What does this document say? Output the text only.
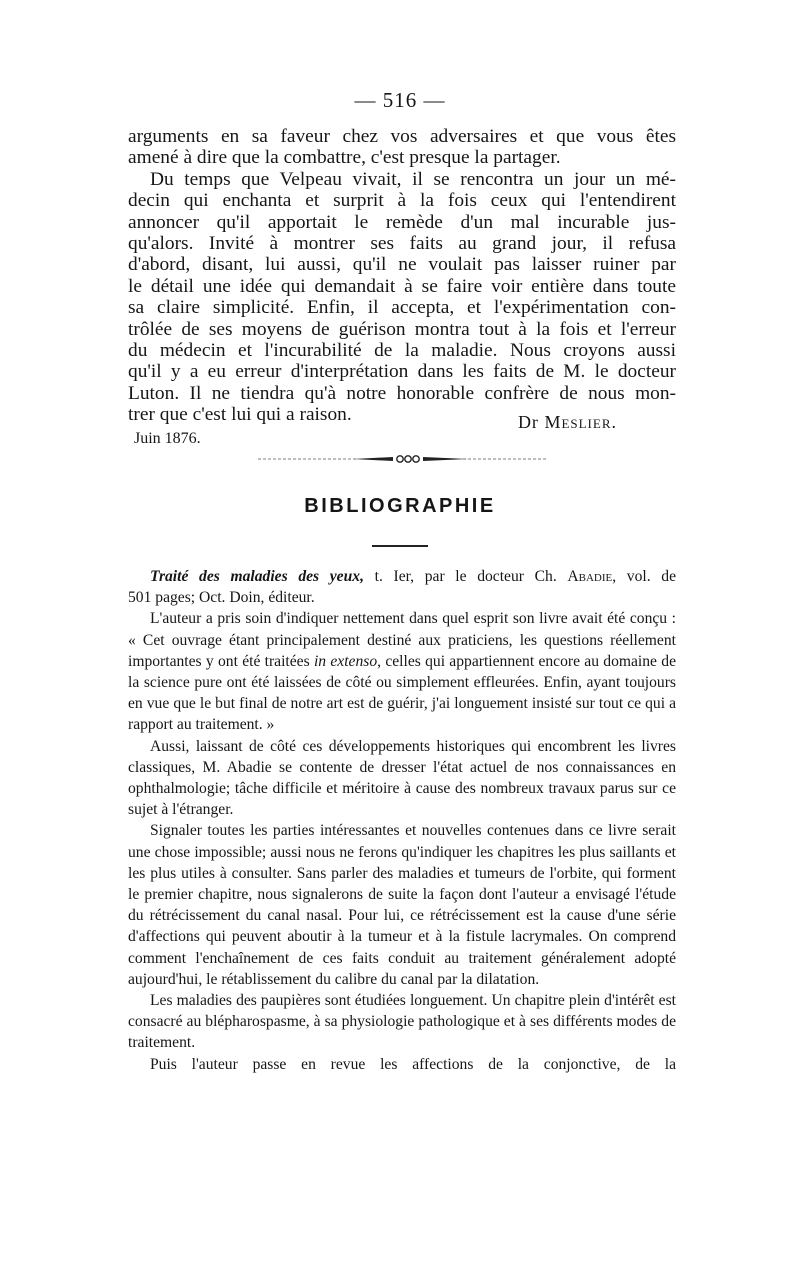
— 516 —

arguments en sa faveur chez vos adversaires et que vous êtes

amené à dire que la combattre, c'est presque la partager.

Du temps que Velpeau vivait, il se rencontra un jour un mé-

decin qui enchanta et surprit à la fois ceux qui l'entendirent

annoncer qu'il apportait le remède d'un mal incurable jus-

qu'alors. Invité à montrer ses faits au grand jour, il refusa

d'abord, disant, lui aussi, qu'il ne voulait pas laisser ruiner par

le détail une idée qui demandait à se faire voir entière dans toute

sa claire simplicité. Enfin, il accepta, et l'expérimentation con-

trôlée de ses moyens de guérison montra tout à la fois et l'erreur

du médecin et l'incurabilité de la maladie. Nous croyons aussi

qu'il y a eu erreur d'interprétation dans les faits de M. le docteur

Luton. Il ne tiendra qu'à notre honorable confrère de nous mon-

trer que c'est lui qui a raison.	Dr Meslier.
Juin 1876.
BIBLIOGRAPHIE

Traité des maladies des yeux, t. Ier, par le docteur Ch. Abadie, vol. de

501 pages; Oct. Doin, éditeur.

L'auteur a pris soin d'indiquer nettement dans quel esprit son livre avait été conçu : « Cet ouvrage étant principalement destiné aux praticiens, les questions réellement importantes y ont été traitées in extenso, celles qui appartiennent encore au domaine de la science pure ont été laissées de côté ou simplement effleurées. Enfin, ayant toujours en vue que le but final de notre art est de guérir, j'ai longuement insisté sur tout ce qui a rapport au traitement. »

Aussi, laissant de côté ces développements historiques qui encombrent les livres classiques, M. Abadie se contente de dresser l'état actuel de nos connaissances en ophthalmologie; tâche difficile et méritoire à cause des nombreux travaux parus sur ce sujet à l'étranger.

Signaler toutes les parties intéressantes et nouvelles contenues dans ce livre serait une chose impossible; aussi nous ne ferons qu'indiquer les chapitres les plus saillants et les plus utiles à consulter. Sans parler des maladies et tumeurs de l'orbite, qui forment le premier chapitre, nous signalerons de suite la façon dont l'auteur a envisagé l'étude du rétrécissement du canal nasal. Pour lui, ce rétrécissement est la cause d'une série d'affections qui peuvent aboutir à la tumeur et à la fistule lacrymales. On comprend comment l'enchaînement de ces faits conduit au traitement généralement adopté aujourd'hui, le rétablissement du calibre du canal par la dilatation.

Les maladies des paupières sont étudiées longuement. Un chapitre plein d'intérêt est consacré au blépharospasme, à sa physiologie pathologique et à ses différents modes de traitement.

Puis l'auteur passe en revue les affections de la conjonctive, de la
